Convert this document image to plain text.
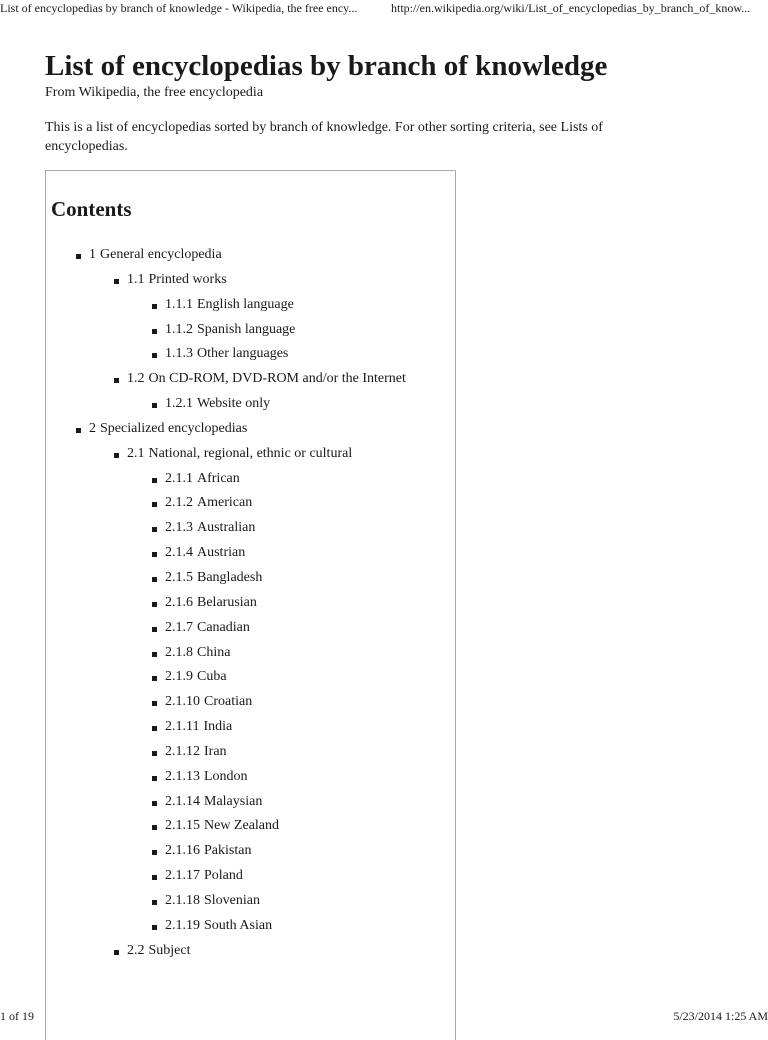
List of encyclopedias by branch of knowledge - Wikipedia, the free ency...	http://en.wikipedia.org/wiki/List_of_encyclopedias_by_branch_of_know...
List of encyclopedias by branch of knowledge
From Wikipedia, the free encyclopedia

This is a list of encyclopedias sorted by branch of knowledge. For other sorting criteria, see Lists of encyclopedias.

Contents
1 General encyclopedia
1.1 Printed works
1.1.1 English language
1.1.2 Spanish language
1.1.3 Other languages
1.2 On CD-ROM, DVD-ROM and/or the Internet
1.2.1 Website only
2 Specialized encyclopedias
2.1 National, regional, ethnic or cultural
2.1.1 African
2.1.2 American
2.1.3 Australian
2.1.4 Austrian
2.1.5 Bangladesh
2.1.6 Belarusian
2.1.7 Canadian
2.1.8 China
2.1.9 Cuba
2.1.10 Croatian
2.1.11 India
2.1.12 Iran
2.1.13 London
2.1.14 Malaysian
2.1.15 New Zealand
2.1.16 Pakistan
2.1.17 Poland
2.1.18 Slovenian
2.1.19 South Asian
2.2 Subject
1 of 19	5/23/2014 1:25 AM
